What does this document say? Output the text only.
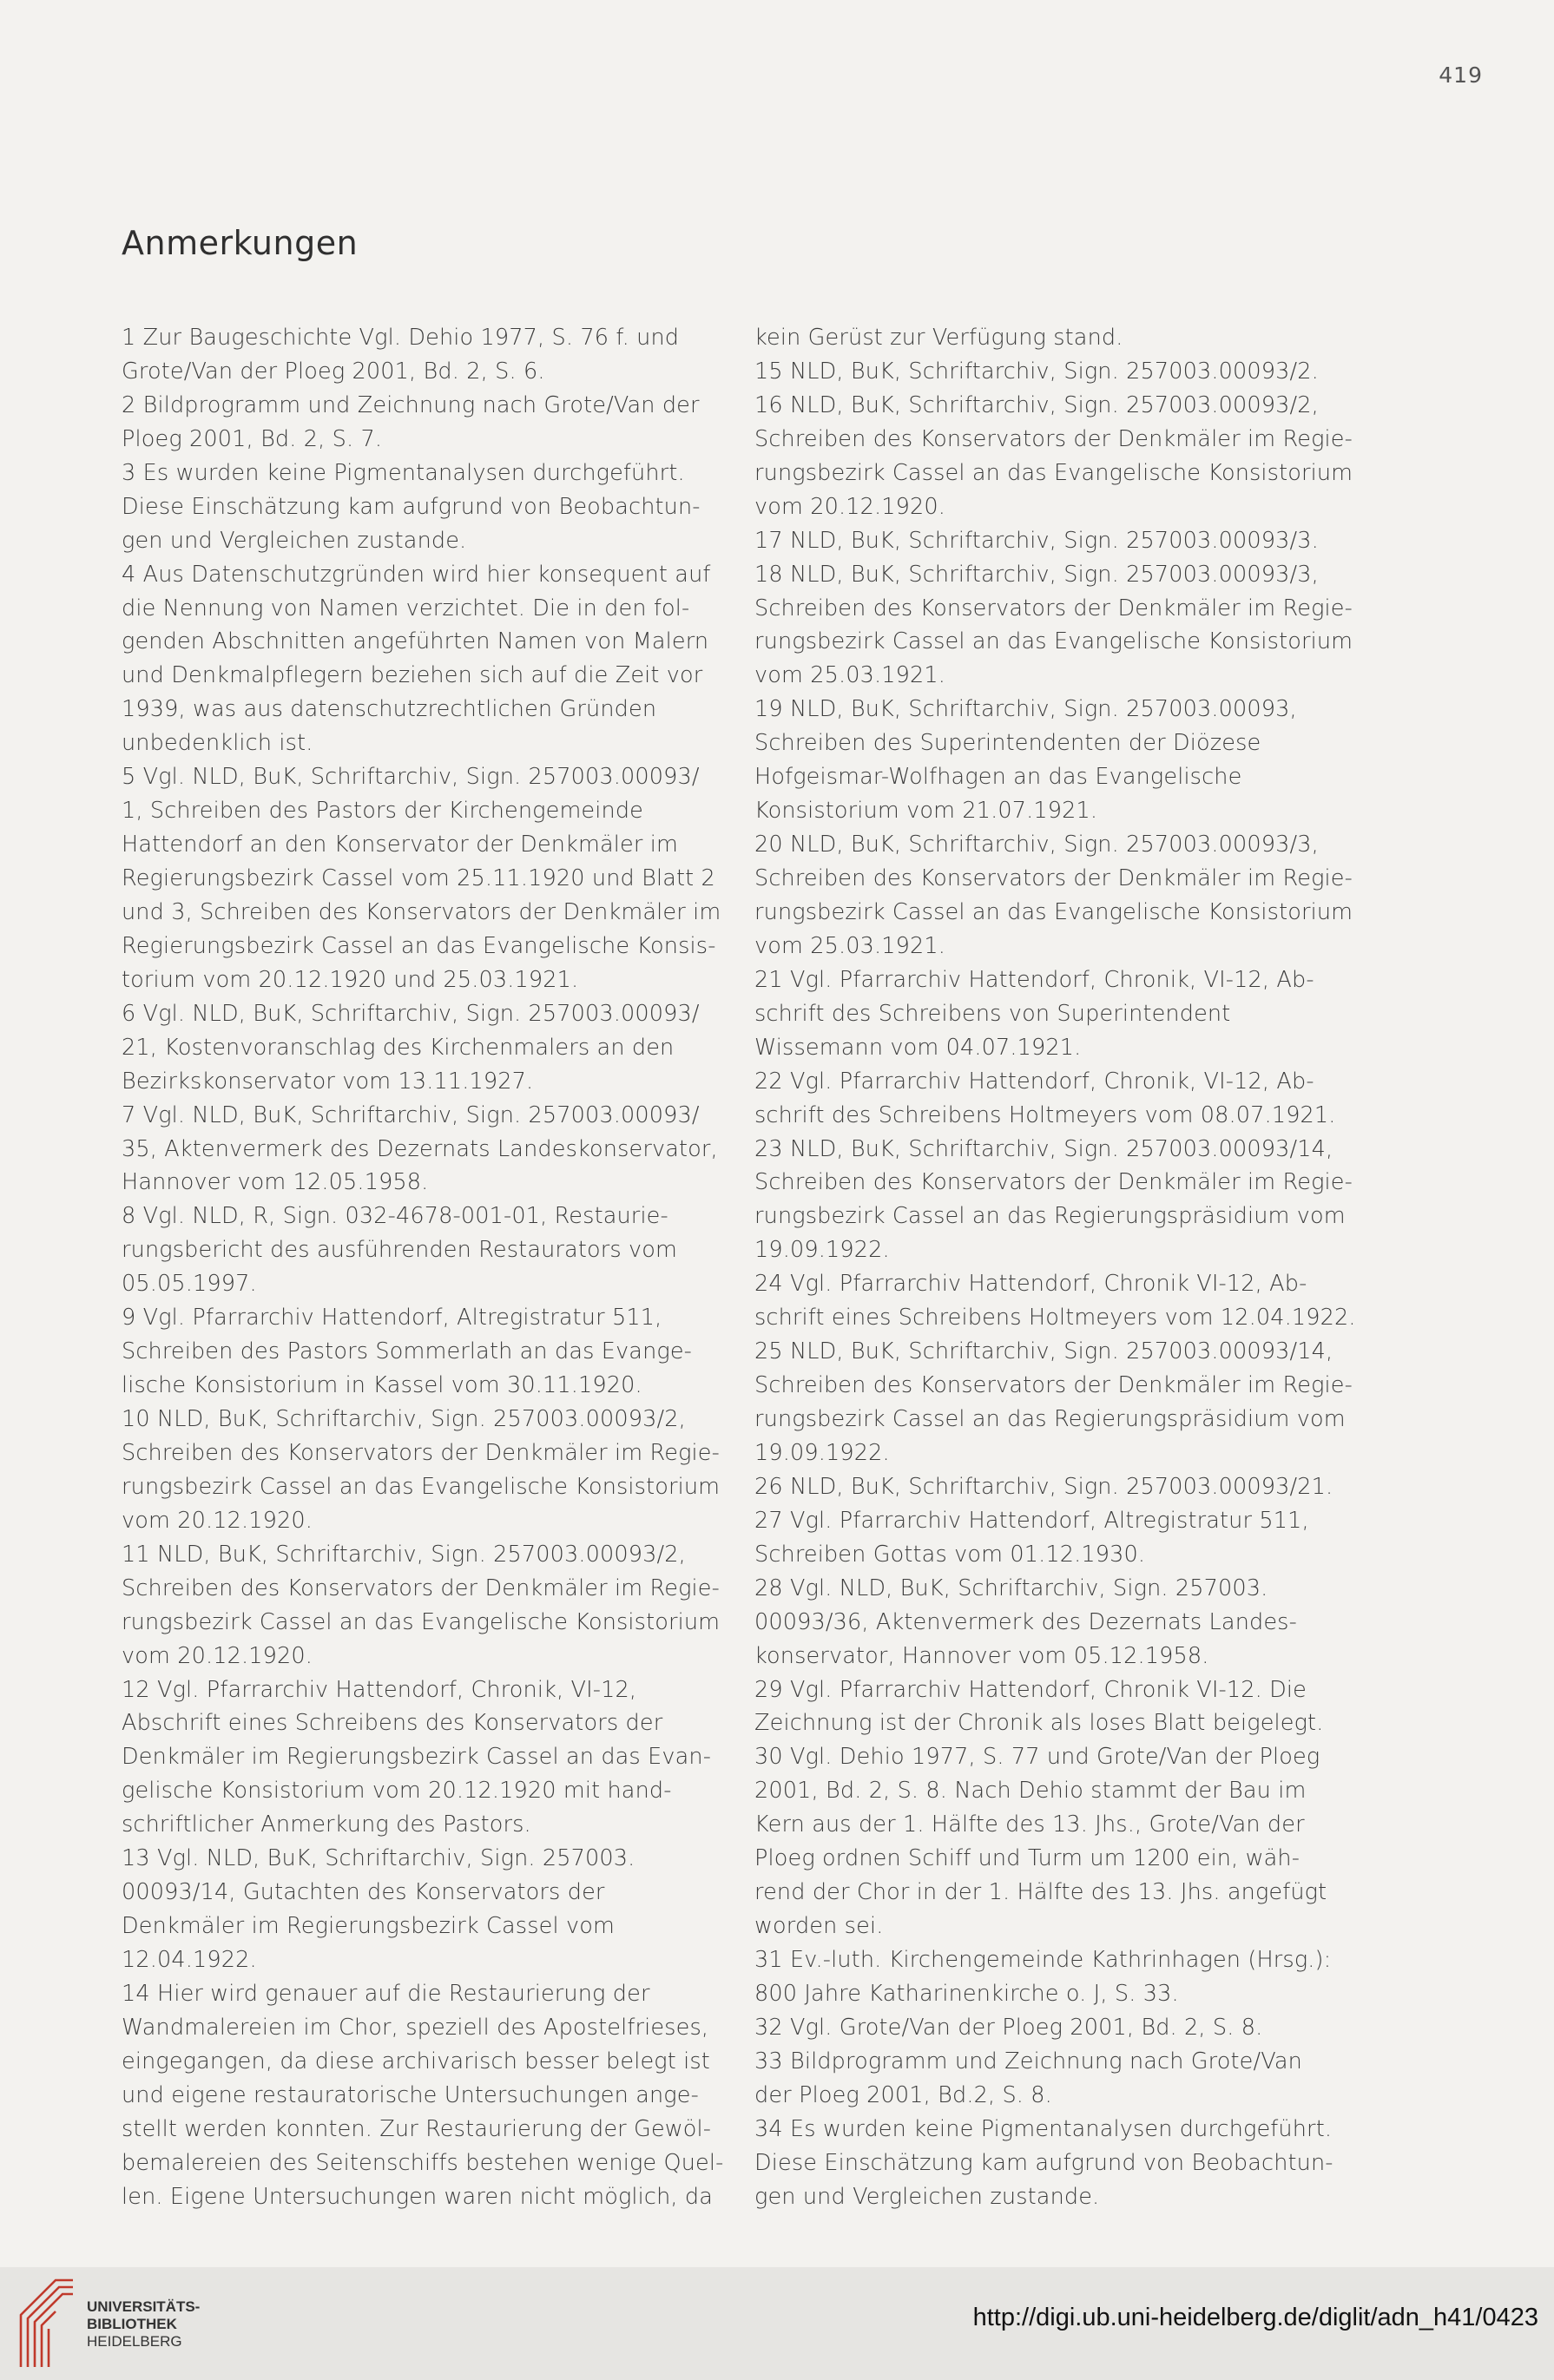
419
Anmerkungen
1 Zur Baugeschichte Vgl. Dehio 1977, S. 76 f. und
Grote/Van der Ploeg 2001, Bd. 2, S. 6.
2 Bildprogramm und Zeichnung nach Grote/Van der
Ploeg 2001, Bd. 2, S. 7.
3 Es wurden keine Pigmentanalysen durchgeführt.
Diese Einschätzung kam aufgrund von Beobachtun-
gen und Vergleichen zustande.
4 Aus Datenschutzgründen wird hier konsequent auf
die Nennung von Namen verzichtet. Die in den fol-
genden Abschnitten angeführten Namen von Malern
und Denkmalpflegern beziehen sich auf die Zeit vor
1939, was aus datenschutzrechtlichen Gründen
unbedenklich ist.
5 Vgl. NLD, BuK, Schriftarchiv, Sign. 257003.00093/
1, Schreiben des Pastors der Kirchengemeinde
Hattendorf an den Konservator der Denkmäler im
Regierungsbezirk Cassel vom 25.11.1920 und Blatt 2
und 3, Schreiben des Konservators der Denkmäler im
Regierungsbezirk Cassel an das Evangelische Konsis-
torium vom 20.12.1920 und 25.03.1921.
6 Vgl. NLD, BuK, Schriftarchiv, Sign. 257003.00093/
21, Kostenvoranschlag des Kirchenmalers an den
Bezirkskonservator vom 13.11.1927.
7 Vgl. NLD, BuK, Schriftarchiv, Sign. 257003.00093/
35, Aktenvermerk des Dezernats Landeskonservator,
Hannover vom 12.05.1958.
8 Vgl. NLD, R, Sign. 032-4678-001-01, Restaurie-
rungsbericht des ausführenden Restaurators vom
05.05.1997.
9 Vgl. Pfarrarchiv Hattendorf, Altregistratur 511,
Schreiben des Pastors Sommerlath an das Evange-
lische Konsistorium in Kassel vom 30.11.1920.
10 NLD, BuK, Schriftarchiv, Sign. 257003.00093/2,
Schreiben des Konservators der Denkmäler im Regie-
rungsbezirk Cassel an das Evangelische Konsistorium
vom 20.12.1920.
11 NLD, BuK, Schriftarchiv, Sign. 257003.00093/2,
Schreiben des Konservators der Denkmäler im Regie-
rungsbezirk Cassel an das Evangelische Konsistorium
vom 20.12.1920.
12 Vgl. Pfarrarchiv Hattendorf, Chronik, VI-12,
Abschrift eines Schreibens des Konservators der
Denkmäler im Regierungsbezirk Cassel an das Evan-
gelische Konsistorium vom 20.12.1920 mit hand-
schriftlicher Anmerkung des Pastors.
13 Vgl. NLD, BuK, Schriftarchiv, Sign. 257003.
00093/14, Gutachten des Konservators der
Denkmäler im Regierungsbezirk Cassel vom
12.04.1922.
14 Hier wird genauer auf die Restaurierung der
Wandmalereien im Chor, speziell des Apostelfrieses,
eingegangen, da diese archivarisch besser belegt ist
und eigene restauratorische Untersuchungen ange-
stellt werden konnten. Zur Restaurierung der Gewöl-
bemalereien des Seitenschiffs bestehen wenige Quel-
len. Eigene Untersuchungen waren nicht möglich, da
kein Gerüst zur Verfügung stand.
15 NLD, BuK, Schriftarchiv, Sign. 257003.00093/2.
16 NLD, BuK, Schriftarchiv, Sign. 257003.00093/2,
Schreiben des Konservators der Denkmäler im Regie-
rungsbezirk Cassel an das Evangelische Konsistorium
vom 20.12.1920.
17 NLD, BuK, Schriftarchiv, Sign. 257003.00093/3.
18 NLD, BuK, Schriftarchiv, Sign. 257003.00093/3,
Schreiben des Konservators der Denkmäler im Regie-
rungsbezirk Cassel an das Evangelische Konsistorium
vom 25.03.1921.
19 NLD, BuK, Schriftarchiv, Sign. 257003.00093,
Schreiben des Superintendenten der Diözese
Hofgeismar-Wolfhagen an das Evangelische
Konsistorium vom 21.07.1921.
20 NLD, BuK, Schriftarchiv, Sign. 257003.00093/3,
Schreiben des Konservators der Denkmäler im Regie-
rungsbezirk Cassel an das Evangelische Konsistorium
vom 25.03.1921.
21 Vgl. Pfarrarchiv Hattendorf, Chronik, VI-12, Ab-
schrift des Schreibens von Superintendent
Wissemann vom 04.07.1921.
22 Vgl. Pfarrarchiv Hattendorf, Chronik, VI-12, Ab-
schrift des Schreibens Holtmeyers vom 08.07.1921.
23 NLD, BuK, Schriftarchiv, Sign. 257003.00093/14,
Schreiben des Konservators der Denkmäler im Regie-
rungsbezirk Cassel an das Regierungspräsidium vom
19.09.1922.
24 Vgl. Pfarrarchiv Hattendorf, Chronik VI-12, Ab-
schrift eines Schreibens Holtmeyers vom 12.04.1922.
25 NLD, BuK, Schriftarchiv, Sign. 257003.00093/14,
Schreiben des Konservators der Denkmäler im Regie-
rungsbezirk Cassel an das Regierungspräsidium vom
19.09.1922.
26 NLD, BuK, Schriftarchiv, Sign. 257003.00093/21.
27 Vgl. Pfarrarchiv Hattendorf, Altregistratur 511,
Schreiben Gottas vom 01.12.1930.
28 Vgl. NLD, BuK, Schriftarchiv, Sign. 257003.
00093/36, Aktenvermerk des Dezernats Landes-
konservator, Hannover vom 05.12.1958.
29 Vgl. Pfarrarchiv Hattendorf, Chronik VI-12. Die
Zeichnung ist der Chronik als loses Blatt beigelegt.
30 Vgl. Dehio 1977, S. 77 und Grote/Van der Ploeg
2001, Bd. 2, S. 8. Nach Dehio stammt der Bau im
Kern aus der 1. Hälfte des 13. Jhs., Grote/Van der
Ploeg ordnen Schiff und Turm um 1200 ein, wäh-
rend der Chor in der 1. Hälfte des 13. Jhs. angefügt
worden sei.
31 Ev.-luth. Kirchengemeinde Kathrinhagen (Hrsg.):
800 Jahre Katharinenkirche o. J, S. 33.
32 Vgl. Grote/Van der Ploeg 2001, Bd. 2, S. 8.
33 Bildprogramm und Zeichnung nach Grote/Van
der Ploeg 2001, Bd.2, S. 8.
34 Es wurden keine Pigmentanalysen durchgeführt.
Diese Einschätzung kam aufgrund von Beobachtun-
gen und Vergleichen zustande.
UNIVERSITÄTS-
BIBLIOTHEK
HEIDELBERG
http://digi.ub.uni-heidelberg.de/diglit/adn_h41/0423
